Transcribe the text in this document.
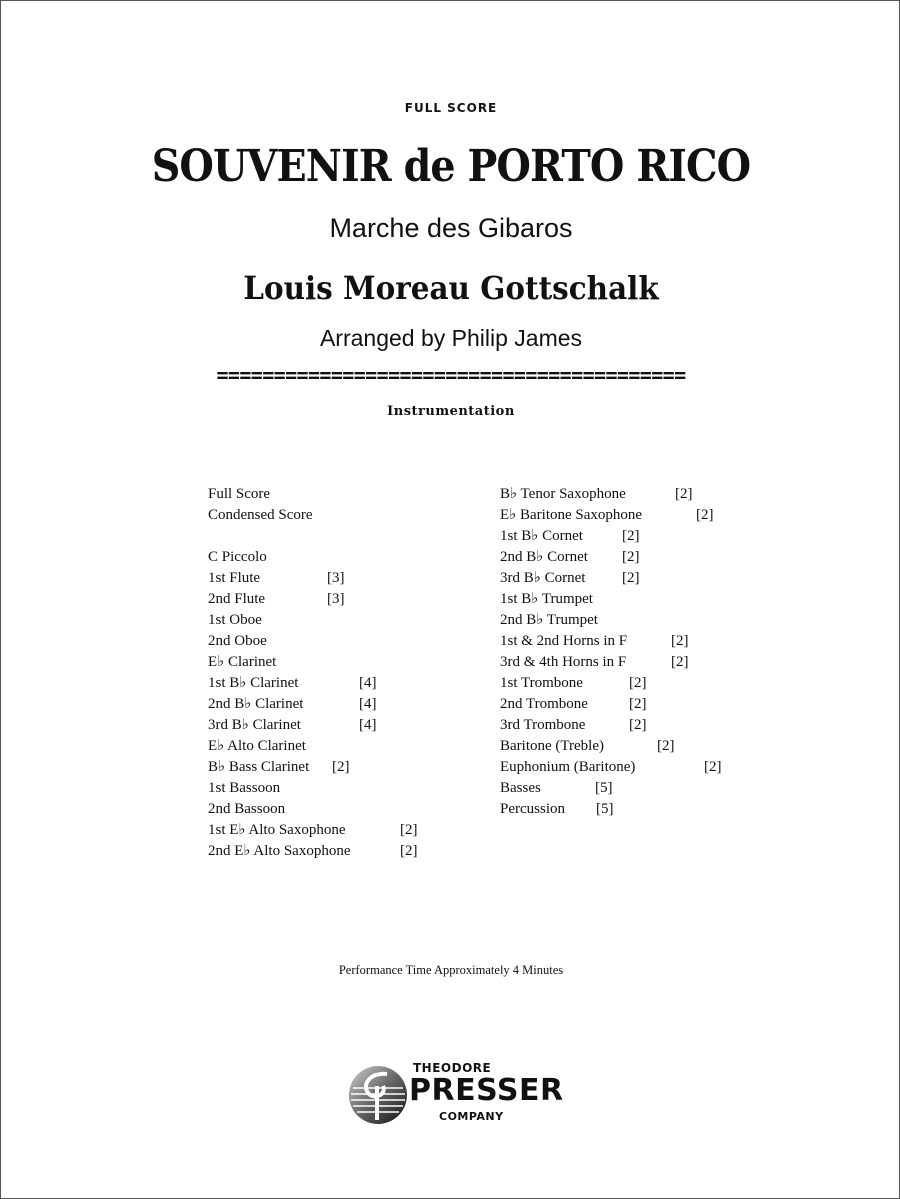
FULL SCORE
SOUVENIR de PORTO RICO
Marche des Gibaros
Louis Moreau Gottschalk
Arranged by Philip James
=========================================
Instrumentation
Full Score
Condensed Score
C Piccolo
1st Flute	[3]
2nd Flute	[3]
1st Oboe
2nd Oboe
E♭ Clarinet
1st B♭ Clarinet	[4]
2nd B♭ Clarinet	[4]
3rd B♭ Clarinet	[4]
E♭ Alto Clarinet
B♭ Bass Clarinet [2]
1st Bassoon
2nd Bassoon
1st E♭ Alto Saxophone	[2]
2nd E♭ Alto Saxophone	[2]
B♭ Tenor Saxophone	[2]
E♭ Baritone Saxophone	[2]
1st B♭ Cornet	[2]
2nd B♭ Cornet [2]
3rd B♭ Cornet [2]
1st B♭ Trumpet
2nd B♭ Trumpet
1st & 2nd Horns in F	[2]
3rd & 4th Horns in F	[2]
1st Trombone	[2]
2nd Trombone	[2]
3rd Trombone	[2]
Baritone (Treble)	[2]
Euphonium (Baritone)	[2]
Basses	[5]
Percussion [5]
Performance Time Approximately 4 Minutes
THEODORE
PRESSER
COMPANY
